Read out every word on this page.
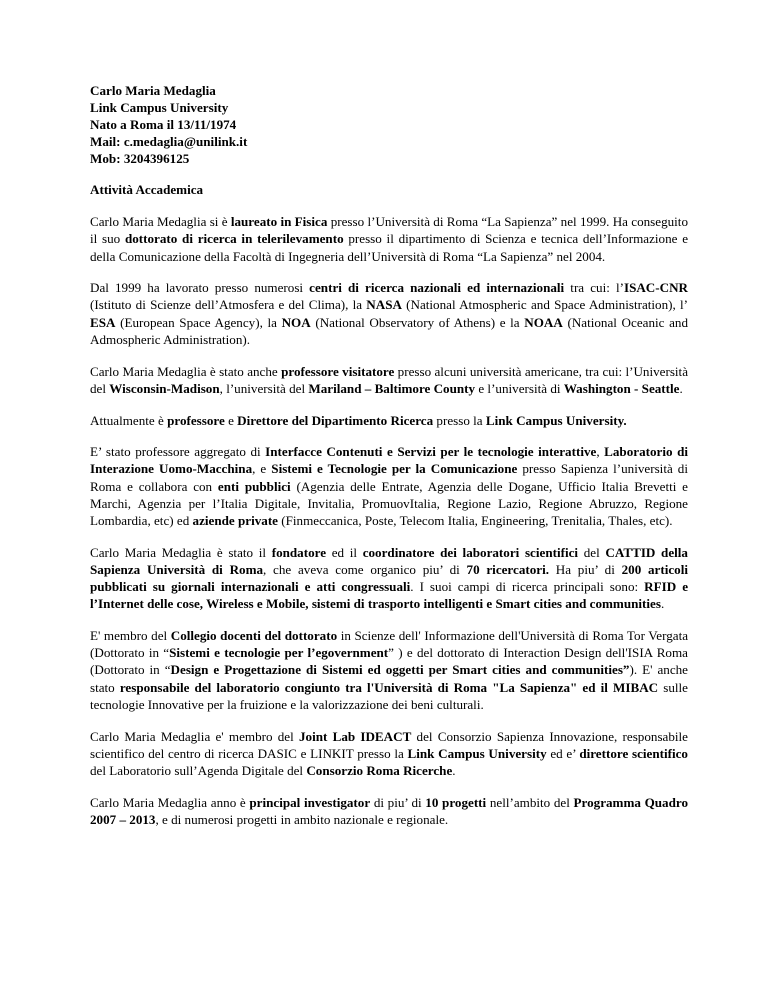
Carlo Maria Medaglia
Link Campus University
Nato a Roma il 13/11/1974
Mail: c.medaglia@unilink.it
Mob: 3204396125
Attività Accademica

Carlo Maria Medaglia si è laureato in Fisica presso l’Università di Roma “La Sapienza” nel 1999. Ha conseguito il suo dottorato di ricerca in telerilevamento presso il dipartimento di Scienza e tecnica dell’Informazione e della Comunicazione della Facoltà di Ingegneria dell’Università di Roma “La Sapienza” nel 2004.

Dal 1999 ha lavorato presso numerosi centri di ricerca nazionali ed internazionali tra cui: l’ISAC-CNR (Istituto di Scienze dell’Atmosfera e del Clima), la NASA (National Atmospheric and Space Administration), l’ ESA (European Space Agency), la NOA (National Observatory of Athens) e la NOAA (National Oceanic and Admospheric Administration).

Carlo Maria Medaglia è stato anche professore visitatore presso alcuni università americane, tra cui: l’Università del Wisconsin-Madison, l’università del Mariland – Baltimore County e l’università di Washington - Seattle.

Attualmente è professore e Direttore del Dipartimento Ricerca presso la Link Campus University.

E’ stato professore aggregato di Interfacce Contenuti e Servizi per le tecnologie interattive, Laboratorio di Interazione Uomo-Macchina, e Sistemi e Tecnologie per la Comunicazione presso Sapienza l’università di Roma e collabora con enti pubblici (Agenzia delle Entrate, Agenzia delle Dogane, Ufficio Italia Brevetti e Marchi, Agenzia per l’Italia Digitale, Invitalia, PromuovItalia, Regione Lazio, Regione Abruzzo, Regione Lombardia, etc) ed aziende private (Finmeccanica, Poste, Telecom Italia, Engineering, Trenitalia, Thales, etc).

Carlo Maria Medaglia è stato il fondatore ed il coordinatore dei laboratori scientifici del CATTID della Sapienza Università di Roma, che aveva come organico piu’ di 70 ricercatori. Ha piu’ di 200 articoli pubblicati su giornali internazionali e atti congressuali. I suoi campi di ricerca principali sono: RFID e l’Internet delle cose, Wireless e Mobile, sistemi di trasporto intelligenti e Smart cities and communities.

E' membro del Collegio docenti del dottorato in Scienze dell' Informazione dell'Università di Roma Tor Vergata (Dottorato in “Sistemi e tecnologie per l’egovernment” ) e del dottorato di Interaction Design dell'ISIA Roma (Dottorato in “Design e Progettazione di Sistemi ed oggetti per Smart cities and communities”). E' anche stato responsabile del laboratorio congiunto tra l'Università di Roma "La Sapienza" ed il MIBAC sulle tecnologie Innovative per la fruizione e la valorizzazione dei beni culturali.

Carlo Maria Medaglia e' membro del Joint Lab IDEACT del Consorzio Sapienza Innovazione, responsabile scientifico del centro di ricerca DASIC e LINKIT presso la Link Campus University ed e’ direttore scientifico del Laboratorio sull’Agenda Digitale del Consorzio Roma Ricerche.

Carlo Maria Medaglia anno è principal investigator di piu’ di 10 progetti nell’ambito del Programma Quadro 2007 – 2013, e di numerosi progetti in ambito nazionale e regionale.
